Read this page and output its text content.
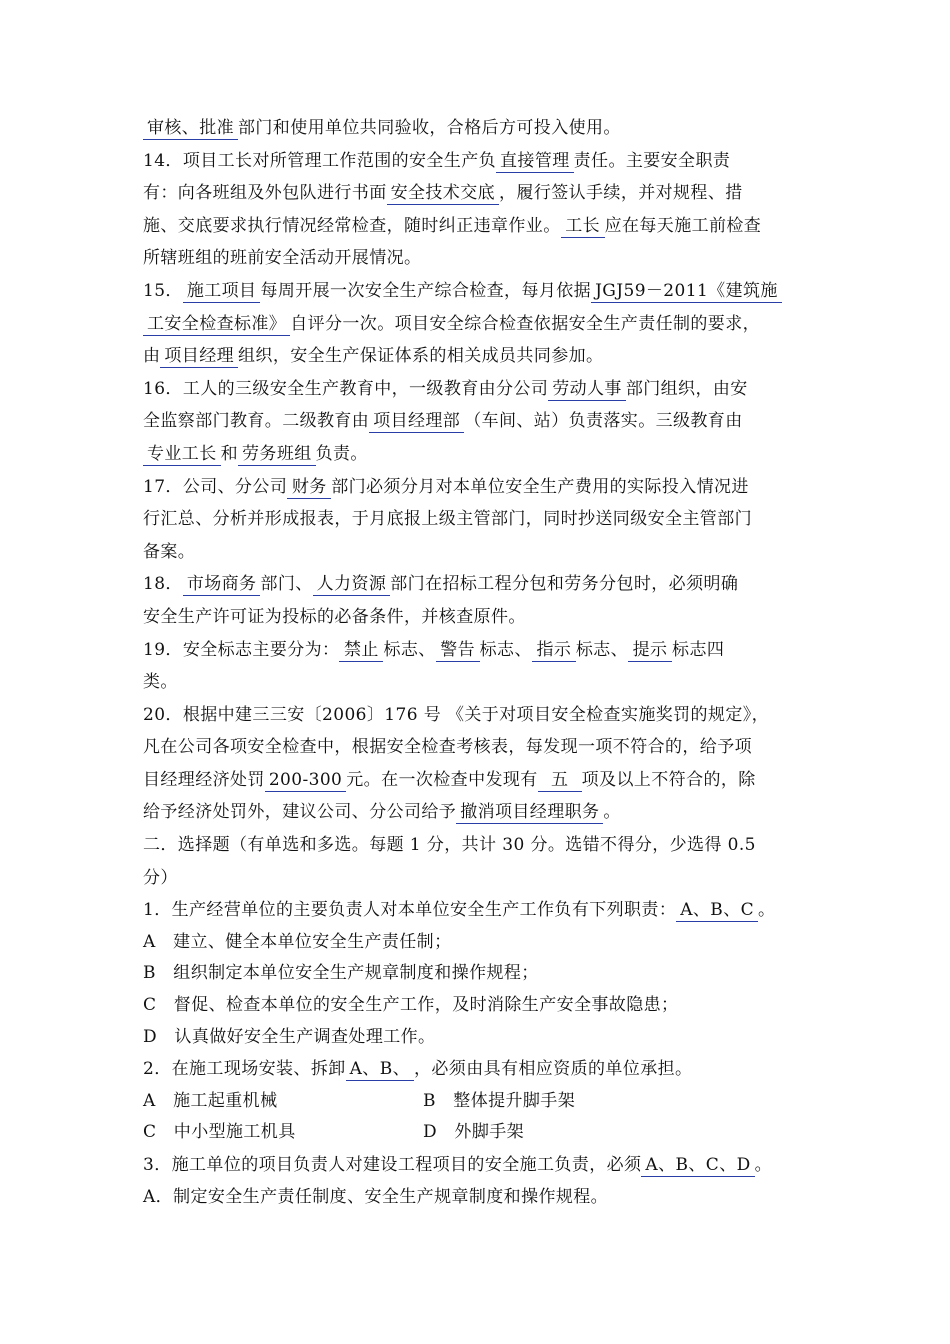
审核、批准 部门和使用单位共同验收，合格后方可投入使用。
14．项目工长对所管理工作范围的安全生产负 直接管理 责任。主要安全职责
有：向各班组及外包队进行书面 安全技术交底 ，履行签认手续，并对规程、措
施、交底要求执行情况经常检查，随时纠正违章作业。 工长 应在每天施工前检查
所辖班组的班前安全活动开展情况。
15． 施工项目 每周开展一次安全生产综合检查，每月依据 JGJ59－2011《建筑施
工安全检查标准》 自评分一次。项目安全综合检查依据安全生产责任制的要求，
由 项目经理 组织，安全生产保证体系的相关成员共同参加。
16．工人的三级安全生产教育中，一级教育由分公司 劳动人事 部门组织，由安
全监察部门教育。二级教育由 项目经理部 （车间、站）负责落实。三级教育由
专业工长 和 劳务班组 负责。
17．公司、分公司 财务 部门必须分月对本单位安全生产费用的实际投入情况进
行汇总、分析并形成报表，于月底报上级主管部门，同时抄送同级安全主管部门
备案。
18． 市场商务 部门、 人力资源 部门在招标工程分包和劳务分包时，必须明确
安全生产许可证为投标的必备条件，并核查原件。
19．安全标志主要分为： 禁止 标志、 警告 标志、 指示 标志、 提示 标志四
类。
20．根据中建三三安〔2006〕176 号 《关于对项目安全检查实施奖罚的规定》，
凡在公司各项安全检查中，根据安全检查考核表，每发现一项不符合的，给予项
目经理经济处罚 200-300 元。在一次检查中发现有 五 项及以上不符合的，除
给予经济处罚外，建议公司、分公司给予 撤消项目经理职务 。
二．选择题（有单选和多选。每题 1 分，共计 30 分。选错不得分，少选得 0.5
分）
1．生产经营单位的主要负责人对本单位安全生产工作负有下列职责： A、B、C 。
A　建立、健全本单位安全生产责任制；
B　组织制定本单位安全生产规章制度和操作规程；
C　督促、检查本单位的安全生产工作，及时消除生产安全事故隐患；
D　认真做好安全生产调查处理工作。
2．在施工现场安装、拆卸 A、B、 ，必须由具有相应资质的单位承担。
A　施工起重机械	B　整体提升脚手架
C　中小型施工机具	D　外脚手架
3．施工单位的项目负责人对建设工程项目的安全施工负责，必须 A、B、C、D 。
A．制定安全生产责任制度、安全生产规章制度和操作规程。
